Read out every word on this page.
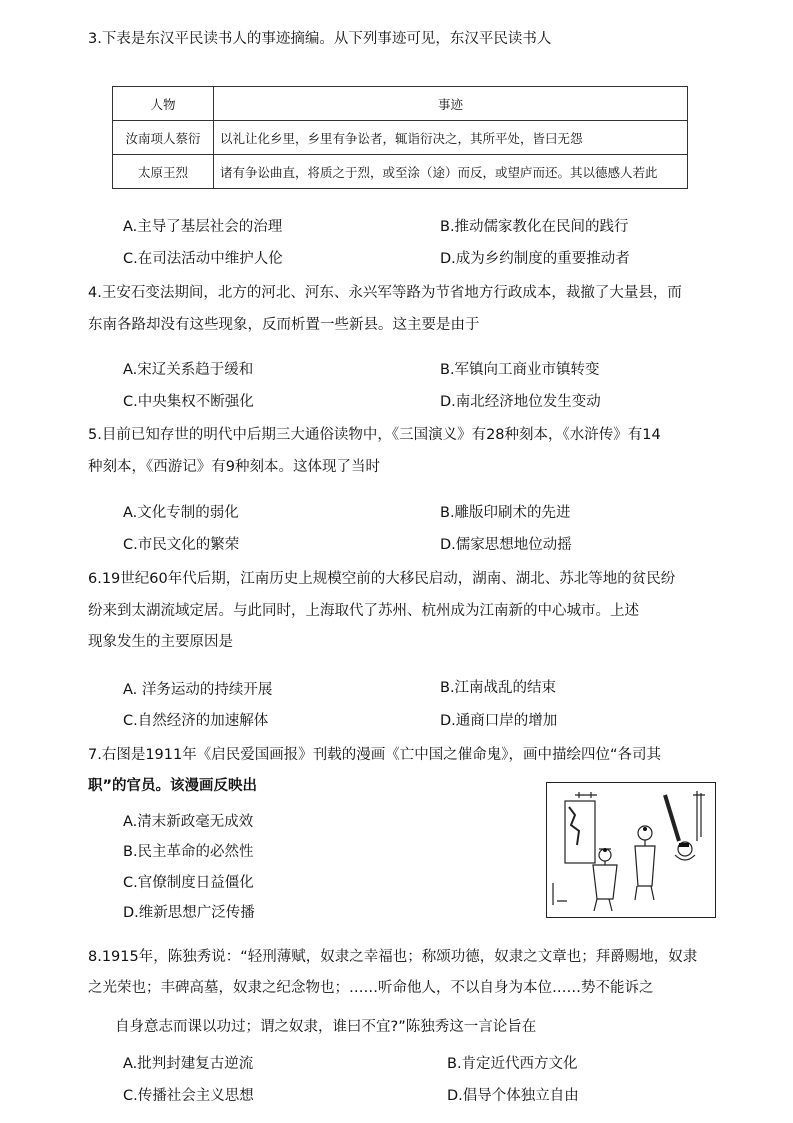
3.下表是东汉平民读书人的事迹摘编。从下列事迹可见，东汉平民读书人
人物	事迹
汝南项人蔡衍	以礼让化乡里，乡里有争讼者，辄诣衍决之，其所平处，皆曰无怨
太原王烈	诸有争讼曲直，将质之于烈，或至涂（途）而反，或望庐而还。其以德感人若此
A.主导了基层社会的治理	B.推动儒家教化在民间的践行
C.在司法活动中维护人伦	D.成为乡约制度的重要推动者
4.王安石变法期间，北方的河北、河东、永兴军等路为节省地方行政成本，裁撤了大量县，而
东南各路却没有这些现象，反而析置一些新县。这主要是由于
A.宋辽关系趋于缓和	B.军镇向工商业市镇转变
C.中央集权不断强化	D.南北经济地位发生变动
5.目前已知存世的明代中后期三大通俗读物中，《三国演义》有28种刻本，《水浒传》有14
种刻本，《西游记》有9种刻本。这体现了当时
A.文化专制的弱化	B.雕版印刷术的先进
C.市民文化的繁荣	D.儒家思想地位动摇
6.19世纪60年代后期，江南历史上规模空前的大移民启动，湖南、湖北、苏北等地的贫民纷
纷来到太湖流域定居。与此同时，上海取代了苏州、杭州成为江南新的中心城市。上述
现象发生的主要原因是
A. 洋务运动的持续开展	B.江南战乱的结束
C.自然经济的加速解体	D.通商口岸的增加
7.右图是1911年《启民爱国画报》刊载的漫画《亡中国之催命鬼》，画中描绘四位“各司其
职”的官员。该漫画反映出
A.清末新政毫无成效
B.民主革命的必然性
C.官僚制度日益僵化
D.维新思想广泛传播
8.1915年，陈独秀说：“轻刑薄赋，奴隶之幸福也；称颂功德，奴隶之文章也；拜爵赐地，奴隶
之光荣也；丰碑高墓，奴隶之纪念物也；……听命他人，不以自身为本位……势不能诉之
自身意志而课以功过；谓之奴隶，谁曰不宜?”陈独秀这一言论旨在
A.批判封建复古逆流	B.肯定近代西方文化
C.传播社会主义思想	D.倡导个体独立自由
